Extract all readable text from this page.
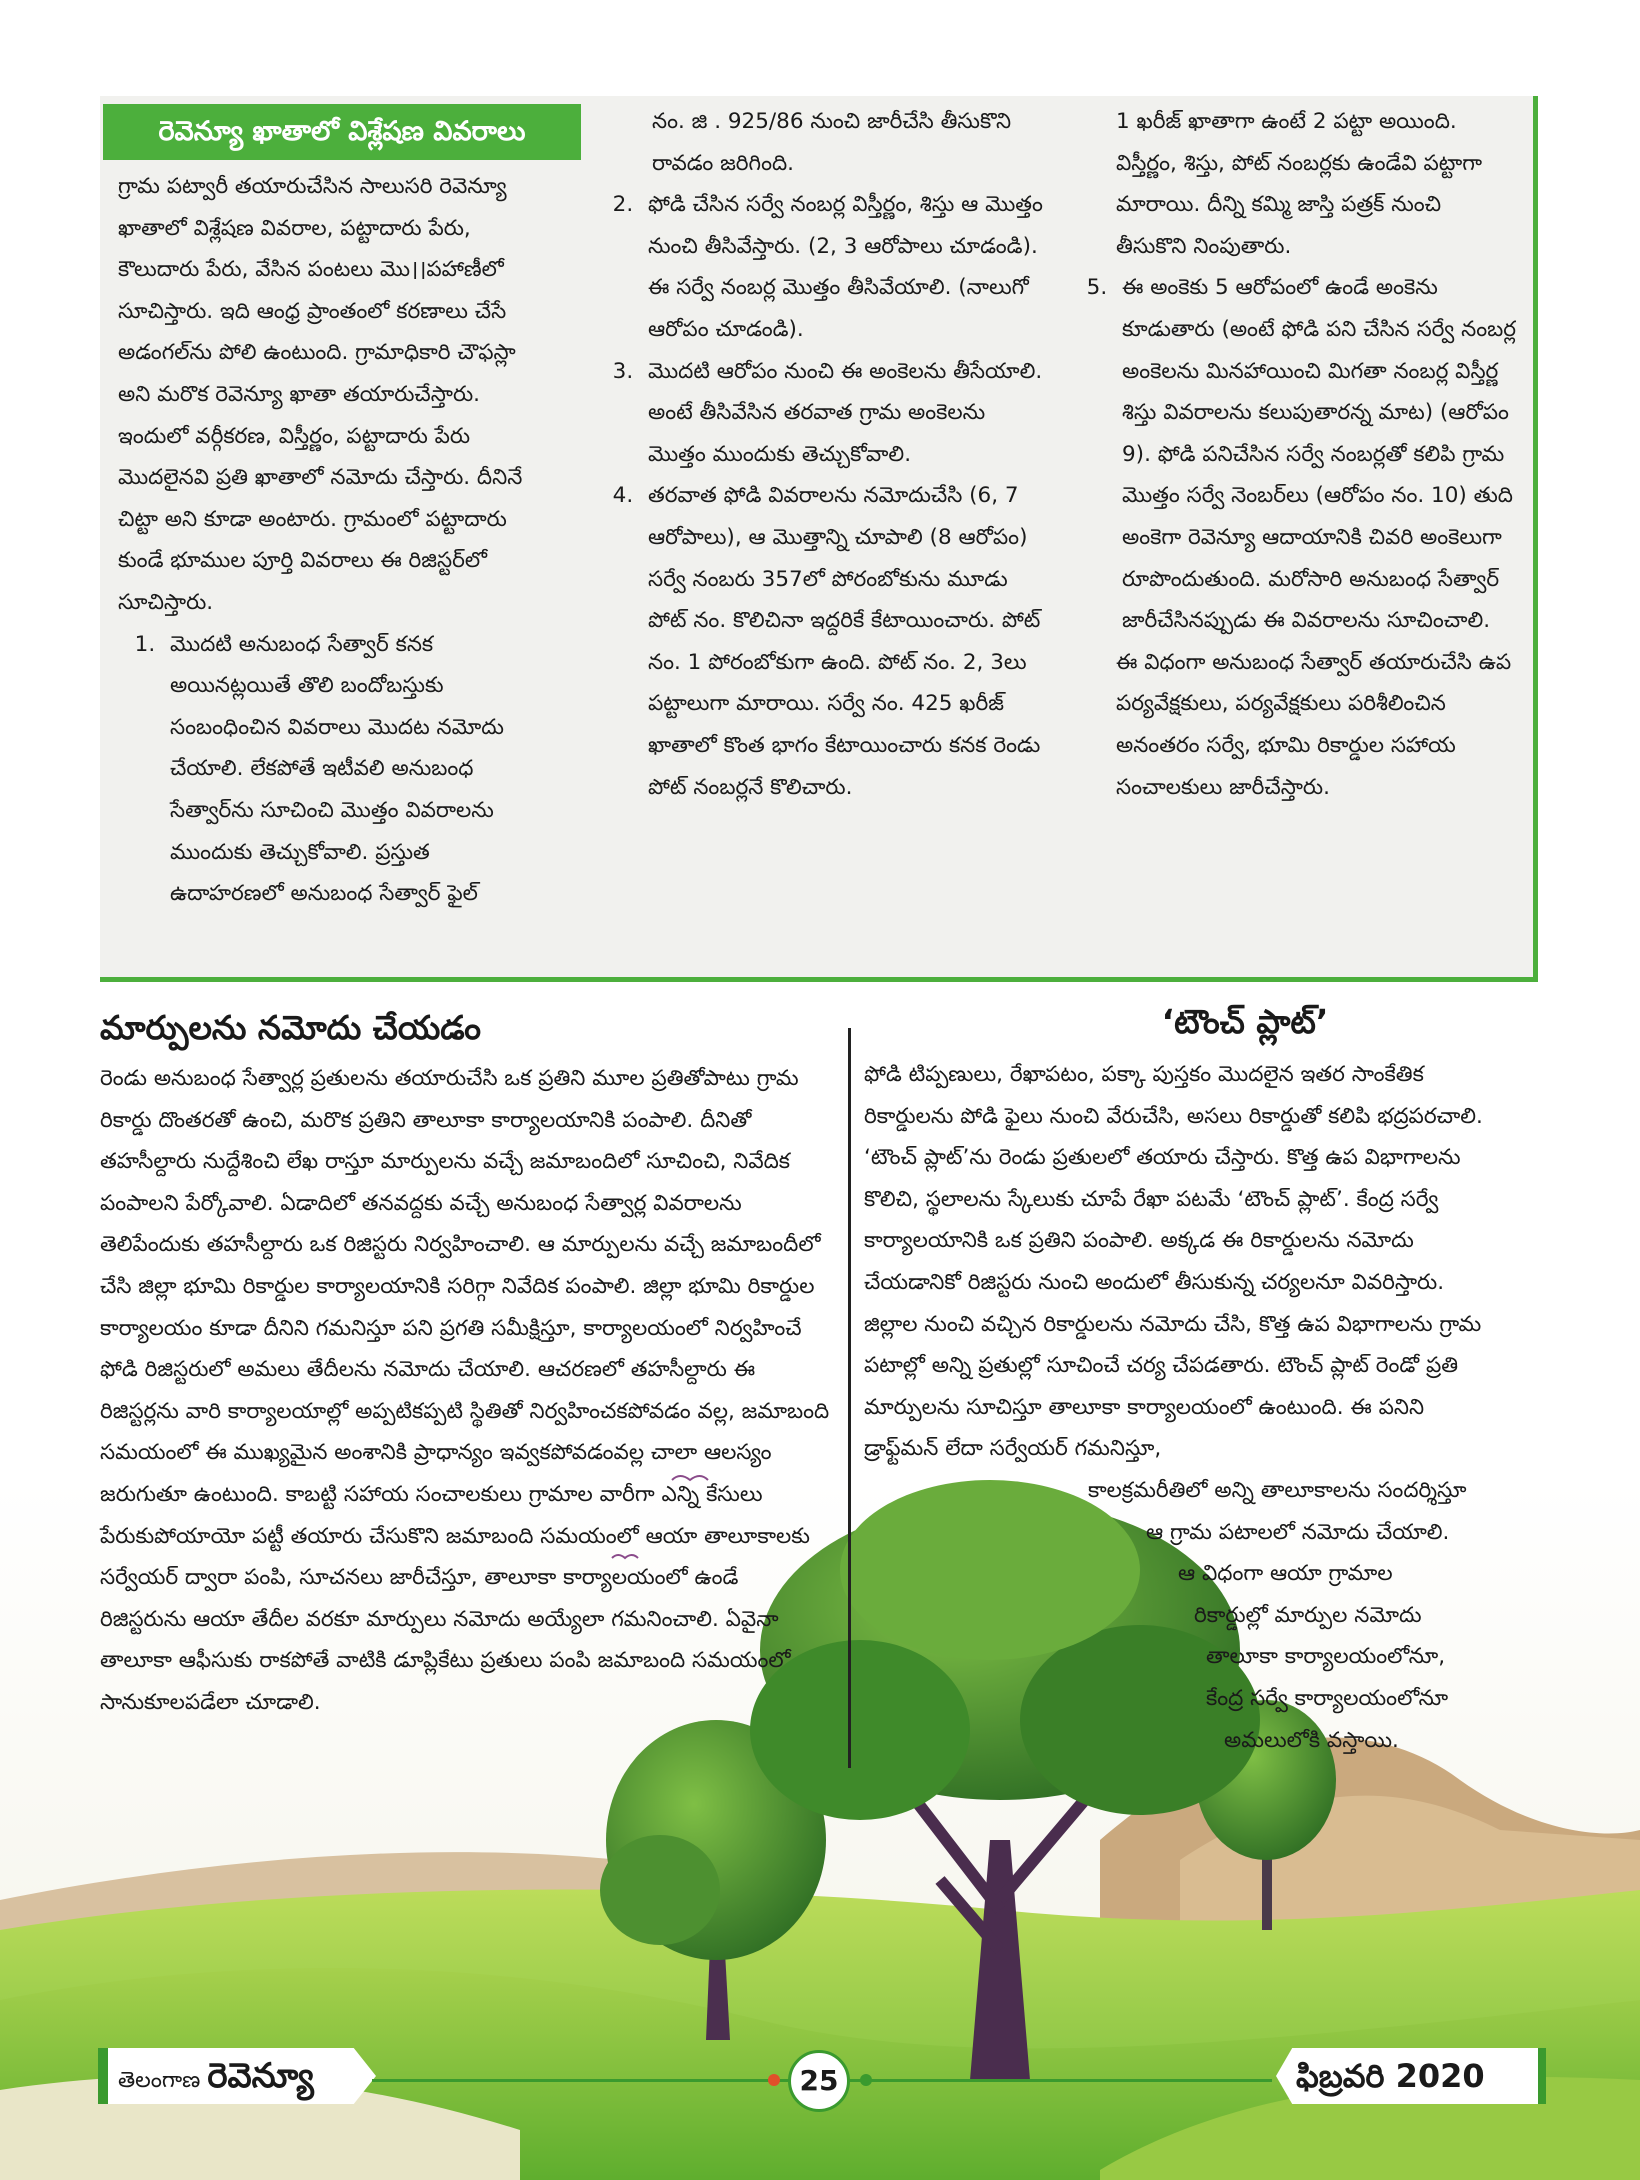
రెవెన్యూ ఖాతాలో విశ్లేషణ వివరాలు

గ్రామ పట్వారీ తయారుచేసిన సాలుసరి రెవెన్యూ ఖాతాలో విశ్లేషణ వివరాల, పట్టాదారు పేరు, కౌలుదారు పేరు, వేసిన పంటలు మొ।।పహాణీలో సూచిస్తారు. ఇది ఆంధ్ర ప్రాంతంలో కరణాలు చేసే అడంగల్‌ను పోలి ఉంటుంది. గ్రామాధికారి చౌఫస్లా అని మరొక రెవెన్యూ ఖాతా తయారుచేస్తారు. ఇందులో వర్గీకరణ, విస్తీర్ణం, పట్టాదారు పేరు మొదలైనవి ప్రతి ఖాతాలో నమోదు చేస్తారు. దీనినే చిట్టా అని కూడా అంటారు. గ్రామంలో పట్టాదారు కుండే భూముల పూర్తి వివరాలు ఈ రిజిస్టర్‌లో సూచిస్తారు.

1. మొదటి అనుబంధ సేత్వార్ కనక అయినట్లయితే తొలి బందోబస్తుకు సంబంధించిన వివరాలు మొదట నమోదు చేయాలి. లేకపోతే ఇటీవలి అనుబంధ సేత్వార్‌ను సూచించి మొత్తం వివరాలను ముందుకు తెచ్చుకోవాలి. ప్రస్తుత ఉదాహరణలో అనుబంధ సేత్వార్ ఫైల్

నం. జి . 925/86 నుంచి జారీచేసి తీసుకొని రావడం జరిగింది.

2. ఫోడి చేసిన సర్వే నంబర్ల విస్తీర్ణం, శిస్తు ఆ మొత్తం నుంచి తీసివేస్తారు. (2, 3 ఆరోపాలు చూడండి). ఈ సర్వే నంబర్ల మొత్తం తీసివేయాలి. (నాలుగో ఆరోపం చూడండి).
3. మొదటి ఆరోపం నుంచి ఈ అంకెలను తీసేయాలి. అంటే తీసివేసిన తరవాత గ్రామ అంకెలను మొత్తం ముందుకు తెచ్చుకోవాలి.
4. తరవాత ఫోడి వివరాలను నమోదుచేసి (6, 7 ఆరోపాలు), ఆ మొత్తాన్ని చూపాలి (8 ఆరోపం) సర్వే నంబరు 357లో పోరంబోకును మూడు పోట్ నం. కొలిచినా ఇద్దరికే కేటాయించారు. పోట్ నం. 1 పోరంబోకుగా ఉంది. పోట్ నం. 2, 3లు పట్టాలుగా మారాయి. సర్వే నం. 425 ఖరీజ్ ఖాతాలో కొంత భాగం కేటాయించారు కనక రెండు పోట్ నంబర్లనే కొలిచారు.

1 ఖరీజ్ ఖాతాగా ఉంటే 2 పట్టా అయింది. విస్తీర్ణం, శిస్తు, పోట్ నంబర్లకు ఉండేవి పట్టాగా మారాయి. దీన్ని కమ్మి జాస్తి పత్రక్ నుంచి తీసుకొని నింపుతారు.

5. ఈ అంకెకు 5 ఆరోపంలో ఉండే అంకెను కూడుతారు (అంటే ఫోడి పని చేసిన సర్వే నంబర్ల అంకెలను మినహాయించి మిగతా నంబర్ల విస్తీర్ణ శిస్తు వివరాలను కలుపుతారన్న మాట) (ఆరోపం 9). ఫోడి పనిచేసిన సర్వే నంబర్లతో కలిపి గ్రామ మొత్తం సర్వే నెంబర్‌లు (ఆరోపం నం. 10) తుది అంకెగా రెవెన్యూ ఆదాయానికి చివరి అంకెలుగా రూపొందుతుంది. మరోసారి అనుబంధ సేత్వార్ జారీచేసినప్పుడు ఈ వివరాలను సూచించాలి.

ఈ విధంగా అనుబంధ సేత్వార్ తయారుచేసి ఉప పర్యవేక్షకులు, పర్యవేక్షకులు పరిశీలించిన అనంతరం సర్వే, భూమి రికార్డుల సహాయ సంచాలకులు జారీచేస్తారు.

మార్పులను నమోదు చేయడం

రెండు అనుబంధ సేత్వార్ల ప్రతులను తయారుచేసి ఒక ప్రతిని మూల ప్రతితోపాటు గ్రామ రికార్డు దొంతరతో ఉంచి, మరొక ప్రతిని తాలూకా కార్యాలయానికి పంపాలి. దీనితో తహసీల్దారు నుద్దేశించి లేఖ రాస్తూ మార్పులను వచ్చే జమాబందిలో సూచించి, నివేదిక పంపాలని పేర్కోవాలి. ఏడాదిలో తనవద్దకు వచ్చే అనుబంధ సేత్వార్ల వివరాలను తెలిపేందుకు తహసీల్దారు ఒక రిజిస్టరు నిర్వహించాలి. ఆ మార్పులను వచ్చే జమాబందీలో చేసి జిల్లా భూమి రికార్డుల కార్యాలయానికి సరిగ్గా నివేదిక పంపాలి. జిల్లా భూమి రికార్డుల కార్యాలయం కూడా దీనిని గమనిస్తూ పని ప్రగతి సమీక్షిస్తూ, కార్యాలయంలో నిర్వహించే ఫోడి రిజిస్టరులో అమలు తేదీలను నమోదు చేయాలి. ఆచరణలో తహసీల్దారు ఈ రిజిస్టర్లను వారి కార్యాలయాల్లో అప్పటికప్పటి స్థితితో నిర్వహించకపోవడం వల్ల, జమాబంది సమయంలో ఈ ముఖ్యమైన అంశానికి ప్రాధాన్యం ఇవ్వకపోవడంవల్ల చాలా ఆలస్యం జరుగుతూ ఉంటుంది. కాబట్టి సహాయ సంచాలకులు గ్రామాల వారీగా ఎన్ని కేసులు పేరుకుపోయాయో పట్టీ తయారు చేసుకొని జమాబంది సమయంలో ఆయా తాలూకాలకు సర్వేయర్ ద్వారా పంపి, సూచనలు జారీచేస్తూ, తాలూకా కార్యాలయంలో ఉండే రిజిస్టరును ఆయా తేదీల వరకూ మార్పులు నమోదు అయ్యేలా గమనించాలి. ఏవైనా తాలూకా ఆఫీసుకు రాకపోతే వాటికి డూప్లికేటు ప్రతులు పంపి జమాబంది సమయంలో సానుకూలపడేలా చూడాలి.

‘టౌంచ్ ప్లాట్’

ఫోడి టిప్పణులు, రేఖాపటం, పక్కా పుస్తకం మొదలైన ఇతర సాంకేతిక రికార్డులను పోడి ఫైలు నుంచి వేరుచేసి, అసలు రికార్డుతో కలిపి భద్రపరచాలి. ‘టౌంచ్ ప్లాట్’ను రెండు ప్రతులలో తయారు చేస్తారు. కొత్త ఉప విభాగాలను కొలిచి, స్థలాలను స్కేలుకు చూపే రేఖా పటమే ‘టౌంచ్ ప్లాట్’. కేంద్ర సర్వే కార్యాలయానికి ఒక ప్రతిని పంపాలి. అక్కడ ఈ రికార్డులను నమోదు చేయడానికో రిజిస్టరు నుంచి అందులో తీసుకున్న చర్యలనూ వివరిస్తారు. జిల్లాల నుంచి వచ్చిన రికార్డులను నమోదు చేసి, కొత్త ఉప విభాగాలను గ్రామ పటాల్లో అన్ని ప్రతుల్లో సూచించే చర్య చేపడతారు. టౌంచ్ ప్లాట్ రెండో ప్రతి మార్పులను సూచిస్తూ తాలూకా కార్యాలయంలో ఉంటుంది. ఈ పనిని డ్రాఫ్ట్‌మన్ లేదా సర్వేయర్ గమనిస్తూ,

కాలక్రమరీతిలో అన్ని తాలూకాలను సందర్శిస్తూ
ఆ గ్రామ పటాలలో నమోదు చేయాలి.
ఆ విధంగా ఆయా గ్రామాల
రికార్డుల్లో మార్పుల నమోదు
తాలూకా కార్యాలయంలోనూ,
కేంద్ర సర్వే కార్యాలయంలోనూ
అమలులోకి వస్తాయి.
తెలంగాణ రెవెన్యూ	25	ఫిబ్రవరి 2020
